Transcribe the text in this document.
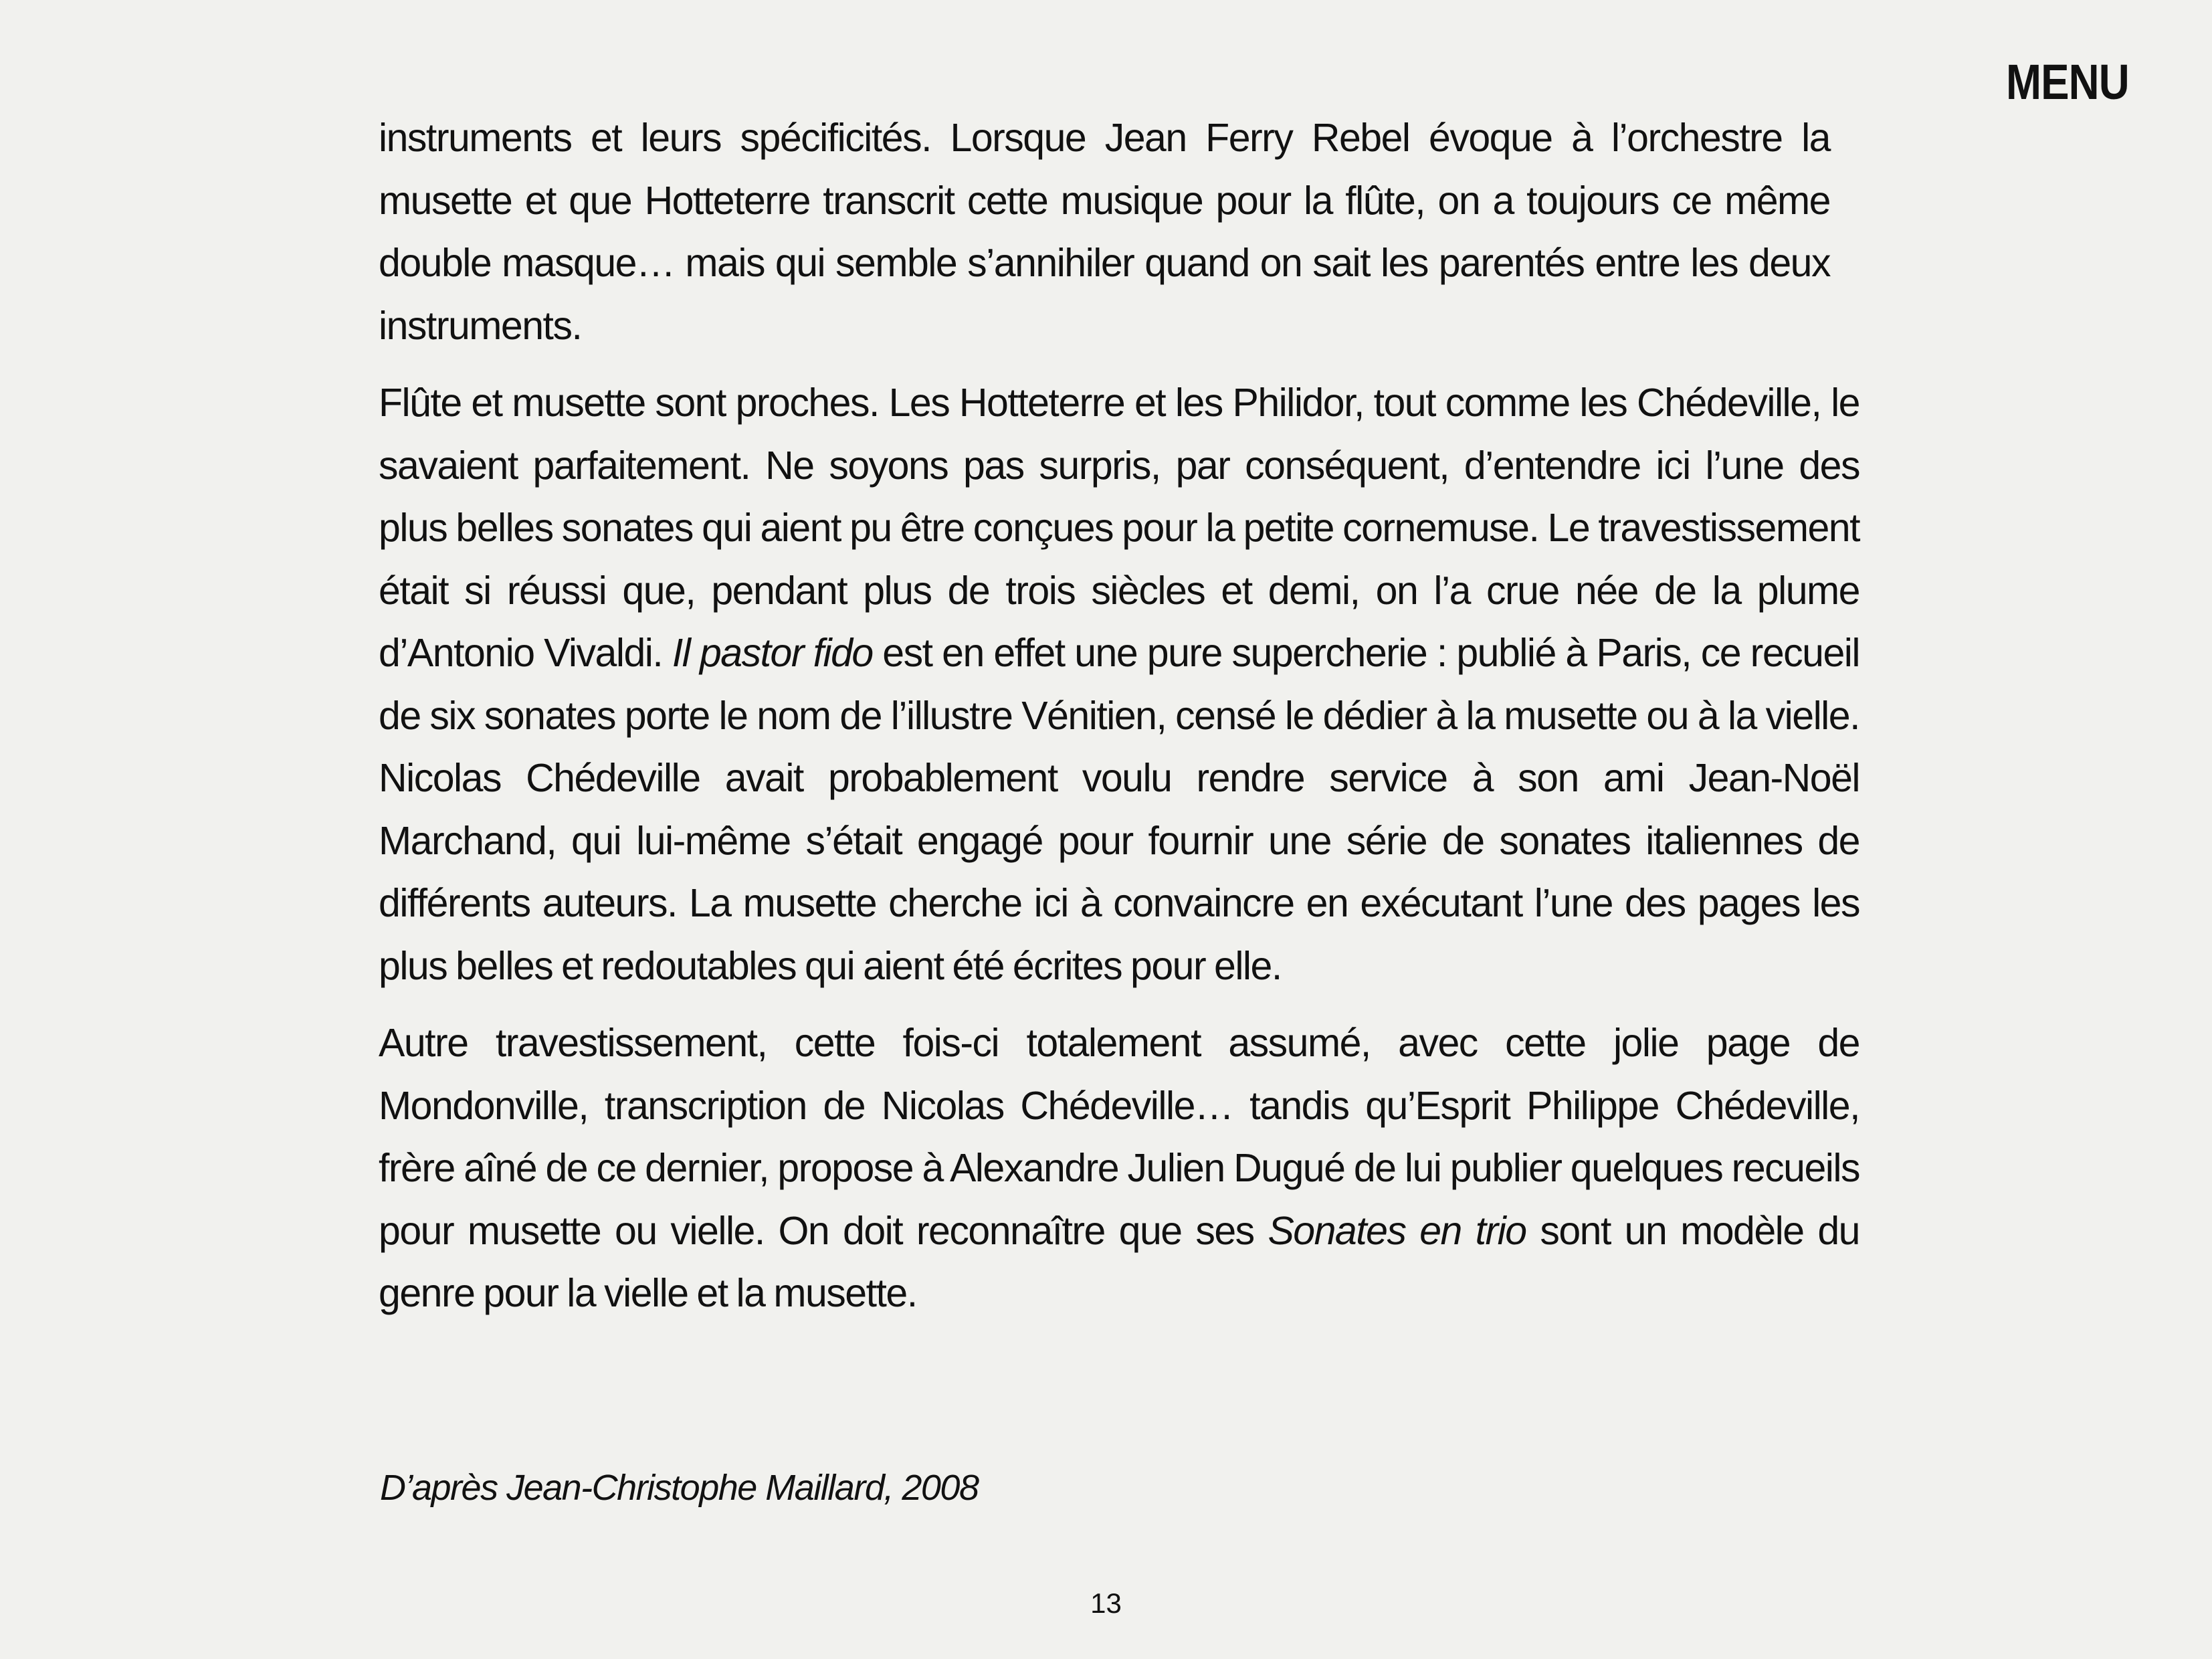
MENU

instruments et leurs spécificités. Lorsque Jean Ferry Rebel évoque à l’orchestre la musette et que Hotteterre transcrit cette musique pour la flûte, on a toujours ce même double masque… mais qui semble s’annihiler quand on sait les parentés entre les deux instruments.

Flûte et musette sont proches. Les Hotteterre et les Philidor, tout comme les Chédeville, le savaient parfaitement. Ne soyons pas surpris, par conséquent, d’entendre ici l’une des plus belles sonates qui aient pu être conçues pour la petite cornemuse. Le travestissement était si réussi que, pendant plus de trois siècles et demi, on l’a crue née de la plume d’Antonio Vivaldi. Il pastor fido est en effet une pure supercherie : publié à Paris, ce recueil de six sonates porte le nom de l’illustre Vénitien, censé le dédier à la musette ou à la vielle. Nicolas Chédeville avait probablement voulu rendre service à son ami Jean-Noël Marchand, qui lui-même s’était engagé pour fournir une série de sonates italiennes de différents auteurs. La musette cherche ici à convaincre en exécutant l’une des pages les plus belles et redoutables qui aient été écrites pour elle.

Autre travestissement, cette fois-ci totalement assumé, avec cette jolie page de Mondonville, transcription de Nicolas Chédeville… tandis qu’Esprit Philippe Chédeville, frère aîné de ce dernier, propose à Alexandre Julien Dugué de lui publier quelques recueils pour musette ou vielle. On doit reconnaître que ses Sonates en trio sont un modèle du genre pour la vielle et la musette.

D’après Jean-Christophe Maillard, 2008
13
